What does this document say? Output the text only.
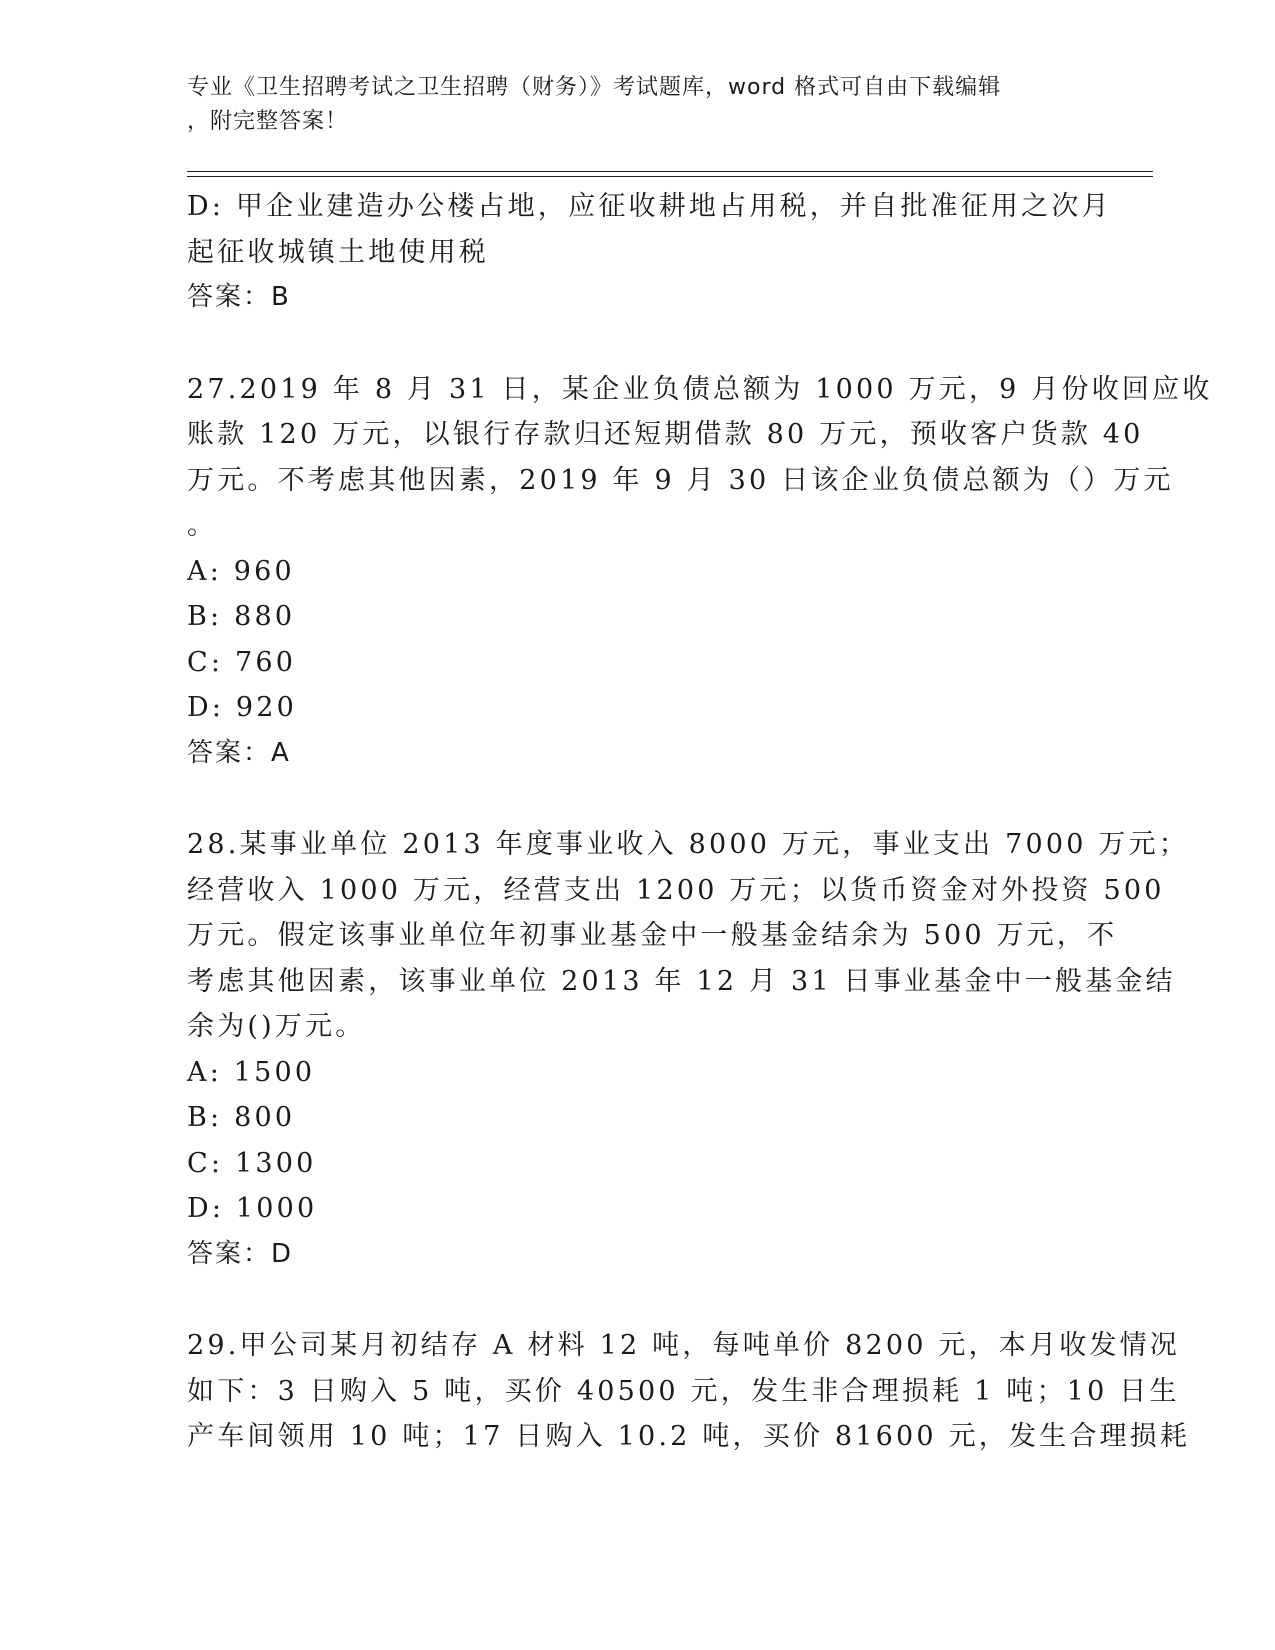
专业《卫生招聘考试之卫生招聘（财务）》考试题库，word 格式可自由下载编辑
，附完整答案！
D: 甲企业建造办公楼占地，应征收耕地占用税，并自批准征用之次月
起征收城镇土地使用税
答案：B
27.2019 年 8 月 31 日，某企业负债总额为 1000 万元，9 月份收回应收
账款 120 万元，以银行存款归还短期借款 80 万元，预收客户货款 40
万元。不考虑其他因素，2019 年 9 月 30 日该企业负债总额为（）万元
。
A: 960
B: 880
C: 760
D: 920
答案：A
28.某事业单位 2013 年度事业收入 8000 万元，事业支出 7000 万元；
经营收入 1000 万元，经营支出 1200 万元；以货币资金对外投资 500
万元。假定该事业单位年初事业基金中一般基金结余为 500 万元，不
考虑其他因素，该事业单位 2013 年 12 月 31 日事业基金中一般基金结
余为()万元。
A: 1500
B: 800
C: 1300
D: 1000
答案：D
29.甲公司某月初结存 A 材料 12 吨，每吨单价 8200 元，本月收发情况
如下：3 日购入 5 吨，买价 40500 元，发生非合理损耗 1 吨；10 日生
产车间领用 10 吨；17 日购入 10.2 吨，买价 81600 元，发生合理损耗
